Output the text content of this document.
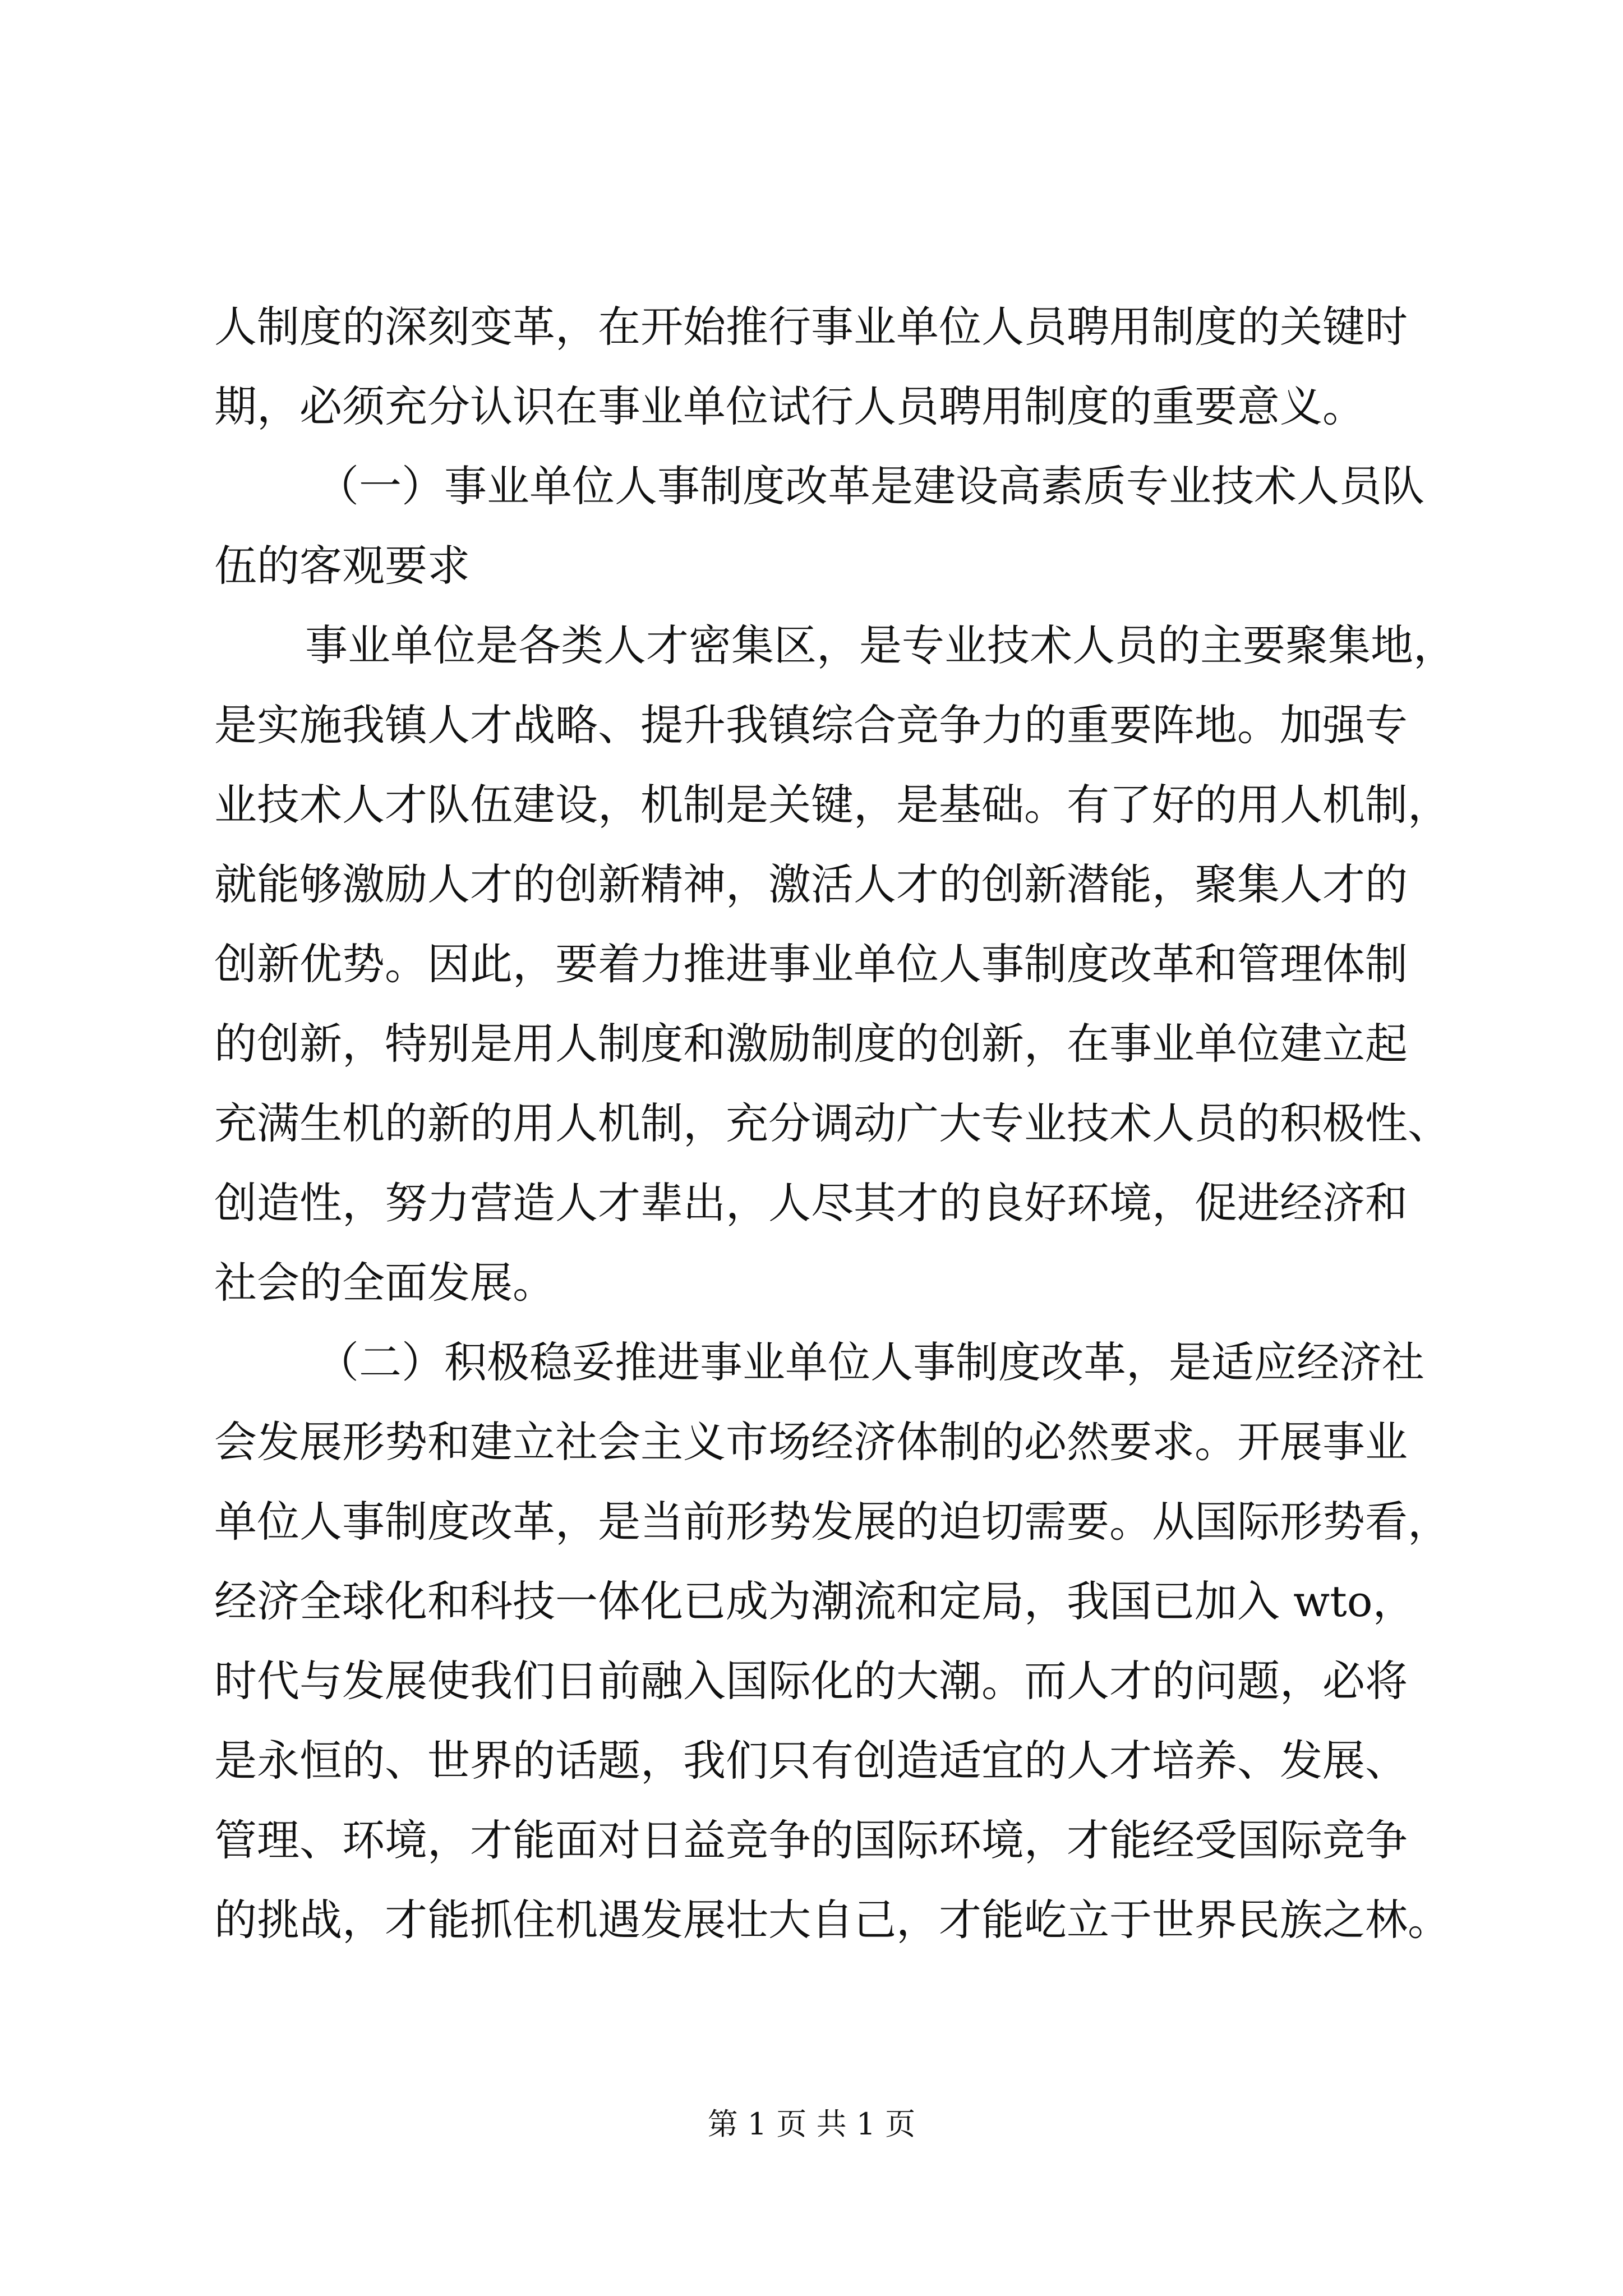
人制度的深刻变革，在开始推行事业单位人员聘用制度的关键时
期，必须充分认识在事业单位试行人员聘用制度的重要意义。
（一）事业单位人事制度改革是建设高素质专业技术人员队
伍的客观要求
事业单位是各类人才密集区，是专业技术人员的主要聚集地，
是实施我镇人才战略、提升我镇综合竞争力的重要阵地。加强专
业技术人才队伍建设，机制是关键，是基础。有了好的用人机制，
就能够激励人才的创新精神，激活人才的创新潜能，聚集人才的
创新优势。因此，要着力推进事业单位人事制度改革和管理体制
的创新，特别是用人制度和激励制度的创新，在事业单位建立起
充满生机的新的用人机制，充分调动广大专业技术人员的积极性、
创造性，努力营造人才辈出，人尽其才的良好环境，促进经济和
社会的全面发展。
（二）积极稳妥推进事业单位人事制度改革，是适应经济社
会发展形势和建立社会主义市场经济体制的必然要求。开展事业
单位人事制度改革，是当前形势发展的迫切需要。从国际形势看，
经济全球化和科技一体化已成为潮流和定局，我国已加入 wto，
时代与发展使我们日前融入国际化的大潮。而人才的问题，必将
是永恒的、世界的话题，我们只有创造适宜的人才培养、发展、
管理、环境，才能面对日益竞争的国际环境，才能经受国际竞争
的挑战，才能抓住机遇发展壮大自己，才能屹立于世界民族之林。
第 1 页 共 1 页
